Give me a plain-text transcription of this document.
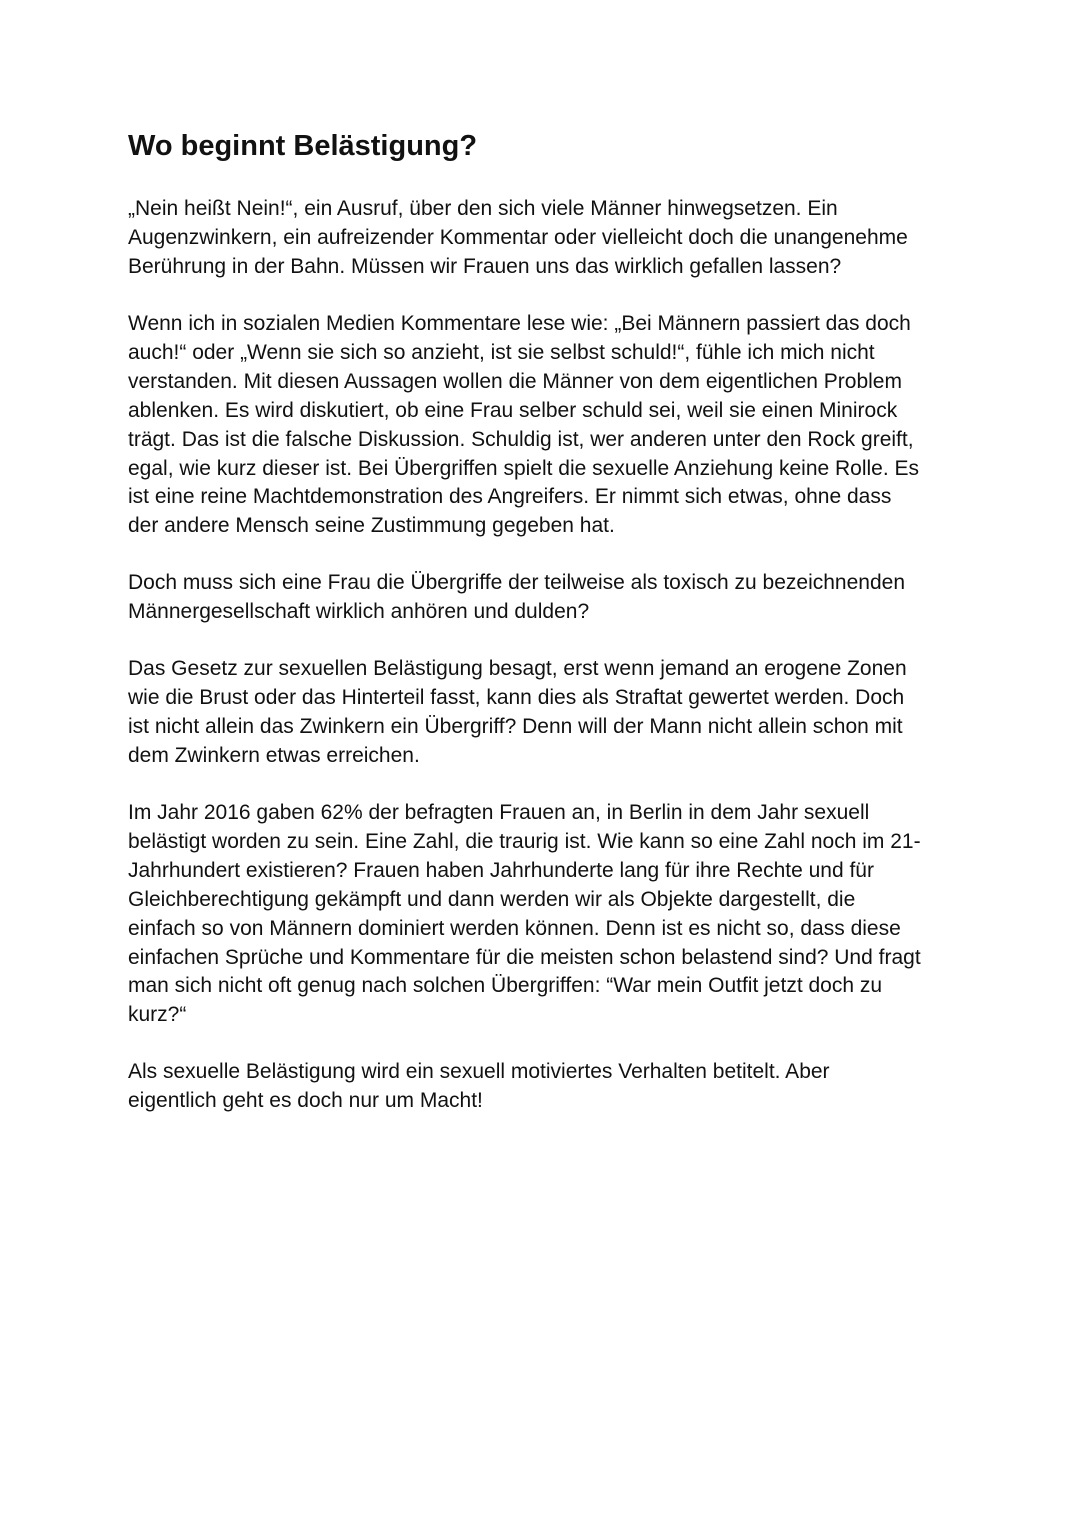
Wo beginnt Belästigung?

„Nein heißt Nein!“, ein Ausruf, über den sich viele Männer hinwegsetzen. Ein
Augenzwinkern, ein aufreizender Kommentar oder vielleicht doch die unangenehme
Berührung in der Bahn. Müssen wir Frauen uns das wirklich gefallen lassen?

Wenn ich in sozialen Medien Kommentare lese wie: „Bei Männern passiert das doch
auch!“ oder „Wenn sie sich so anzieht, ist sie selbst schuld!“, fühle ich mich nicht
verstanden. Mit diesen Aussagen wollen die Männer von dem eigentlichen Problem
ablenken. Es wird diskutiert, ob eine Frau selber schuld sei, weil sie einen Minirock
trägt. Das ist die falsche Diskussion. Schuldig ist, wer anderen unter den Rock greift,
egal, wie kurz dieser ist. Bei Übergriffen spielt die sexuelle Anziehung keine Rolle. Es
ist eine reine Machtdemonstration des Angreifers. Er nimmt sich etwas, ohne dass
der andere Mensch seine Zustimmung gegeben hat.

Doch muss sich eine Frau die Übergriffe der teilweise als toxisch zu bezeichnenden
Männergesellschaft wirklich anhören und dulden?

Das Gesetz zur sexuellen Belästigung besagt, erst wenn jemand an erogene Zonen
wie die Brust oder das Hinterteil fasst, kann dies als Straftat gewertet werden. Doch
ist nicht allein das Zwinkern ein Übergriff? Denn will der Mann nicht allein schon mit
dem Zwinkern etwas erreichen.

Im Jahr 2016 gaben 62% der befragten Frauen an, in Berlin in dem Jahr sexuell
belästigt worden zu sein. Eine Zahl, die traurig ist. Wie kann so eine Zahl noch im 21-
Jahrhundert existieren? Frauen haben Jahrhunderte lang für ihre Rechte und für
Gleichberechtigung gekämpft und dann werden wir als Objekte dargestellt, die
einfach so von Männern dominiert werden können. Denn ist es nicht so, dass diese
einfachen Sprüche und Kommentare für die meisten schon belastend sind? Und fragt
man sich nicht oft genug nach solchen Übergriffen: “War mein Outfit jetzt doch zu
kurz?“

Als sexuelle Belästigung wird ein sexuell motiviertes Verhalten betitelt. Aber
eigentlich geht es doch nur um Macht!
